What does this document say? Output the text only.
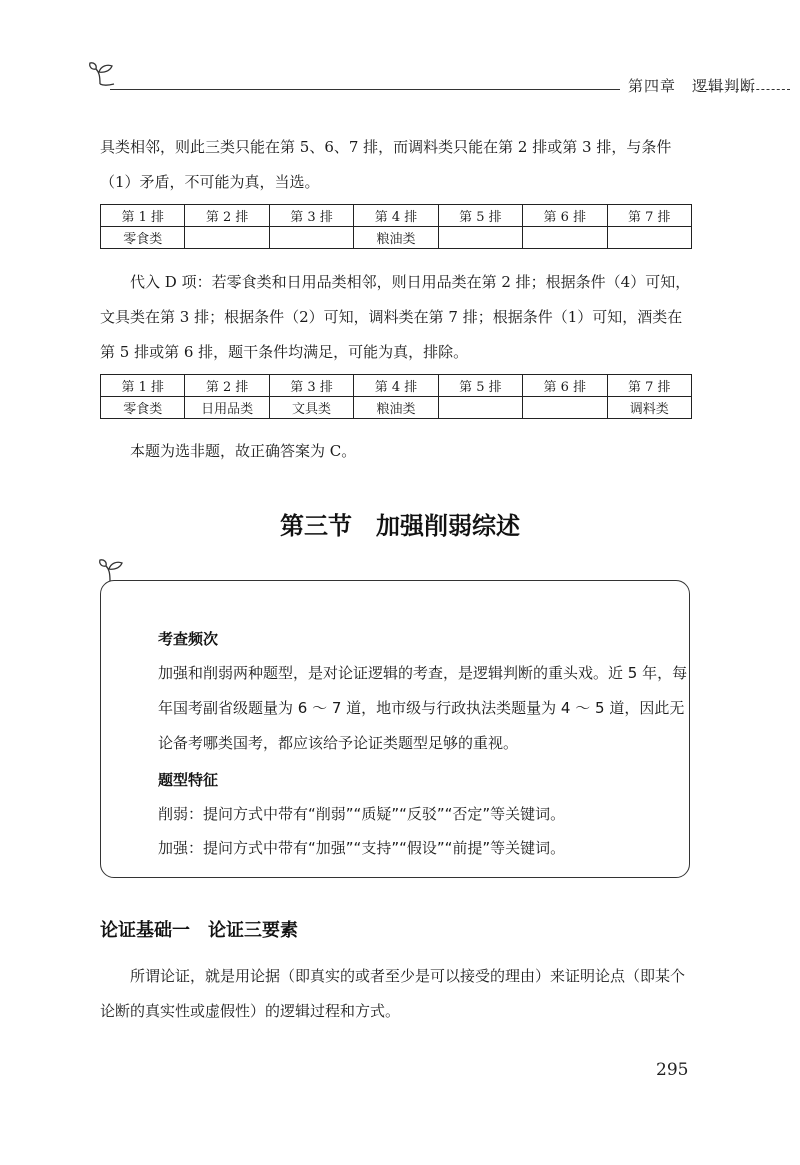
第四章　逻辑判断
具类相邻，则此三类只能在第 5、6、7 排，而调料类只能在第 2 排或第 3 排，与条件（1）矛盾，不可能为真，当选。
第 1 排	第 2 排	第 3 排	第 4 排	第 5 排	第 6 排	第 7 排
零食类			粮油类			
代入 D 项：若零食类和日用品类相邻，则日用品类在第 2 排；根据条件（4）可知，文具类在第 3 排；根据条件（2）可知，调料类在第 7 排；根据条件（1）可知，酒类在第 5 排或第 6 排，题干条件均满足，可能为真，排除。
第 1 排	第 2 排	第 3 排	第 4 排	第 5 排	第 6 排	第 7 排
零食类	日用品类	文具类	粮油类			调料类
本题为选非题，故正确答案为 C。
第三节　加强削弱综述
考查频次
加强和削弱两种题型，是对论证逻辑的考查，是逻辑判断的重头戏。近 5 年，每年国考副省级题量为 6 ～ 7 道，地市级与行政执法类题量为 4 ～ 5 道，因此无论备考哪类国考，都应该给予论证类题型足够的重视。
题型特征
削弱：提问方式中带有“削弱”“质疑”“反驳”“否定”等关键词。
加强：提问方式中带有“加强”“支持”“假设”“前提”等关键词。
论证基础一　论证三要素
所谓论证，就是用论据（即真实的或者至少是可以接受的理由）来证明论点（即某个论断的真实性或虚假性）的逻辑过程和方式。
295
